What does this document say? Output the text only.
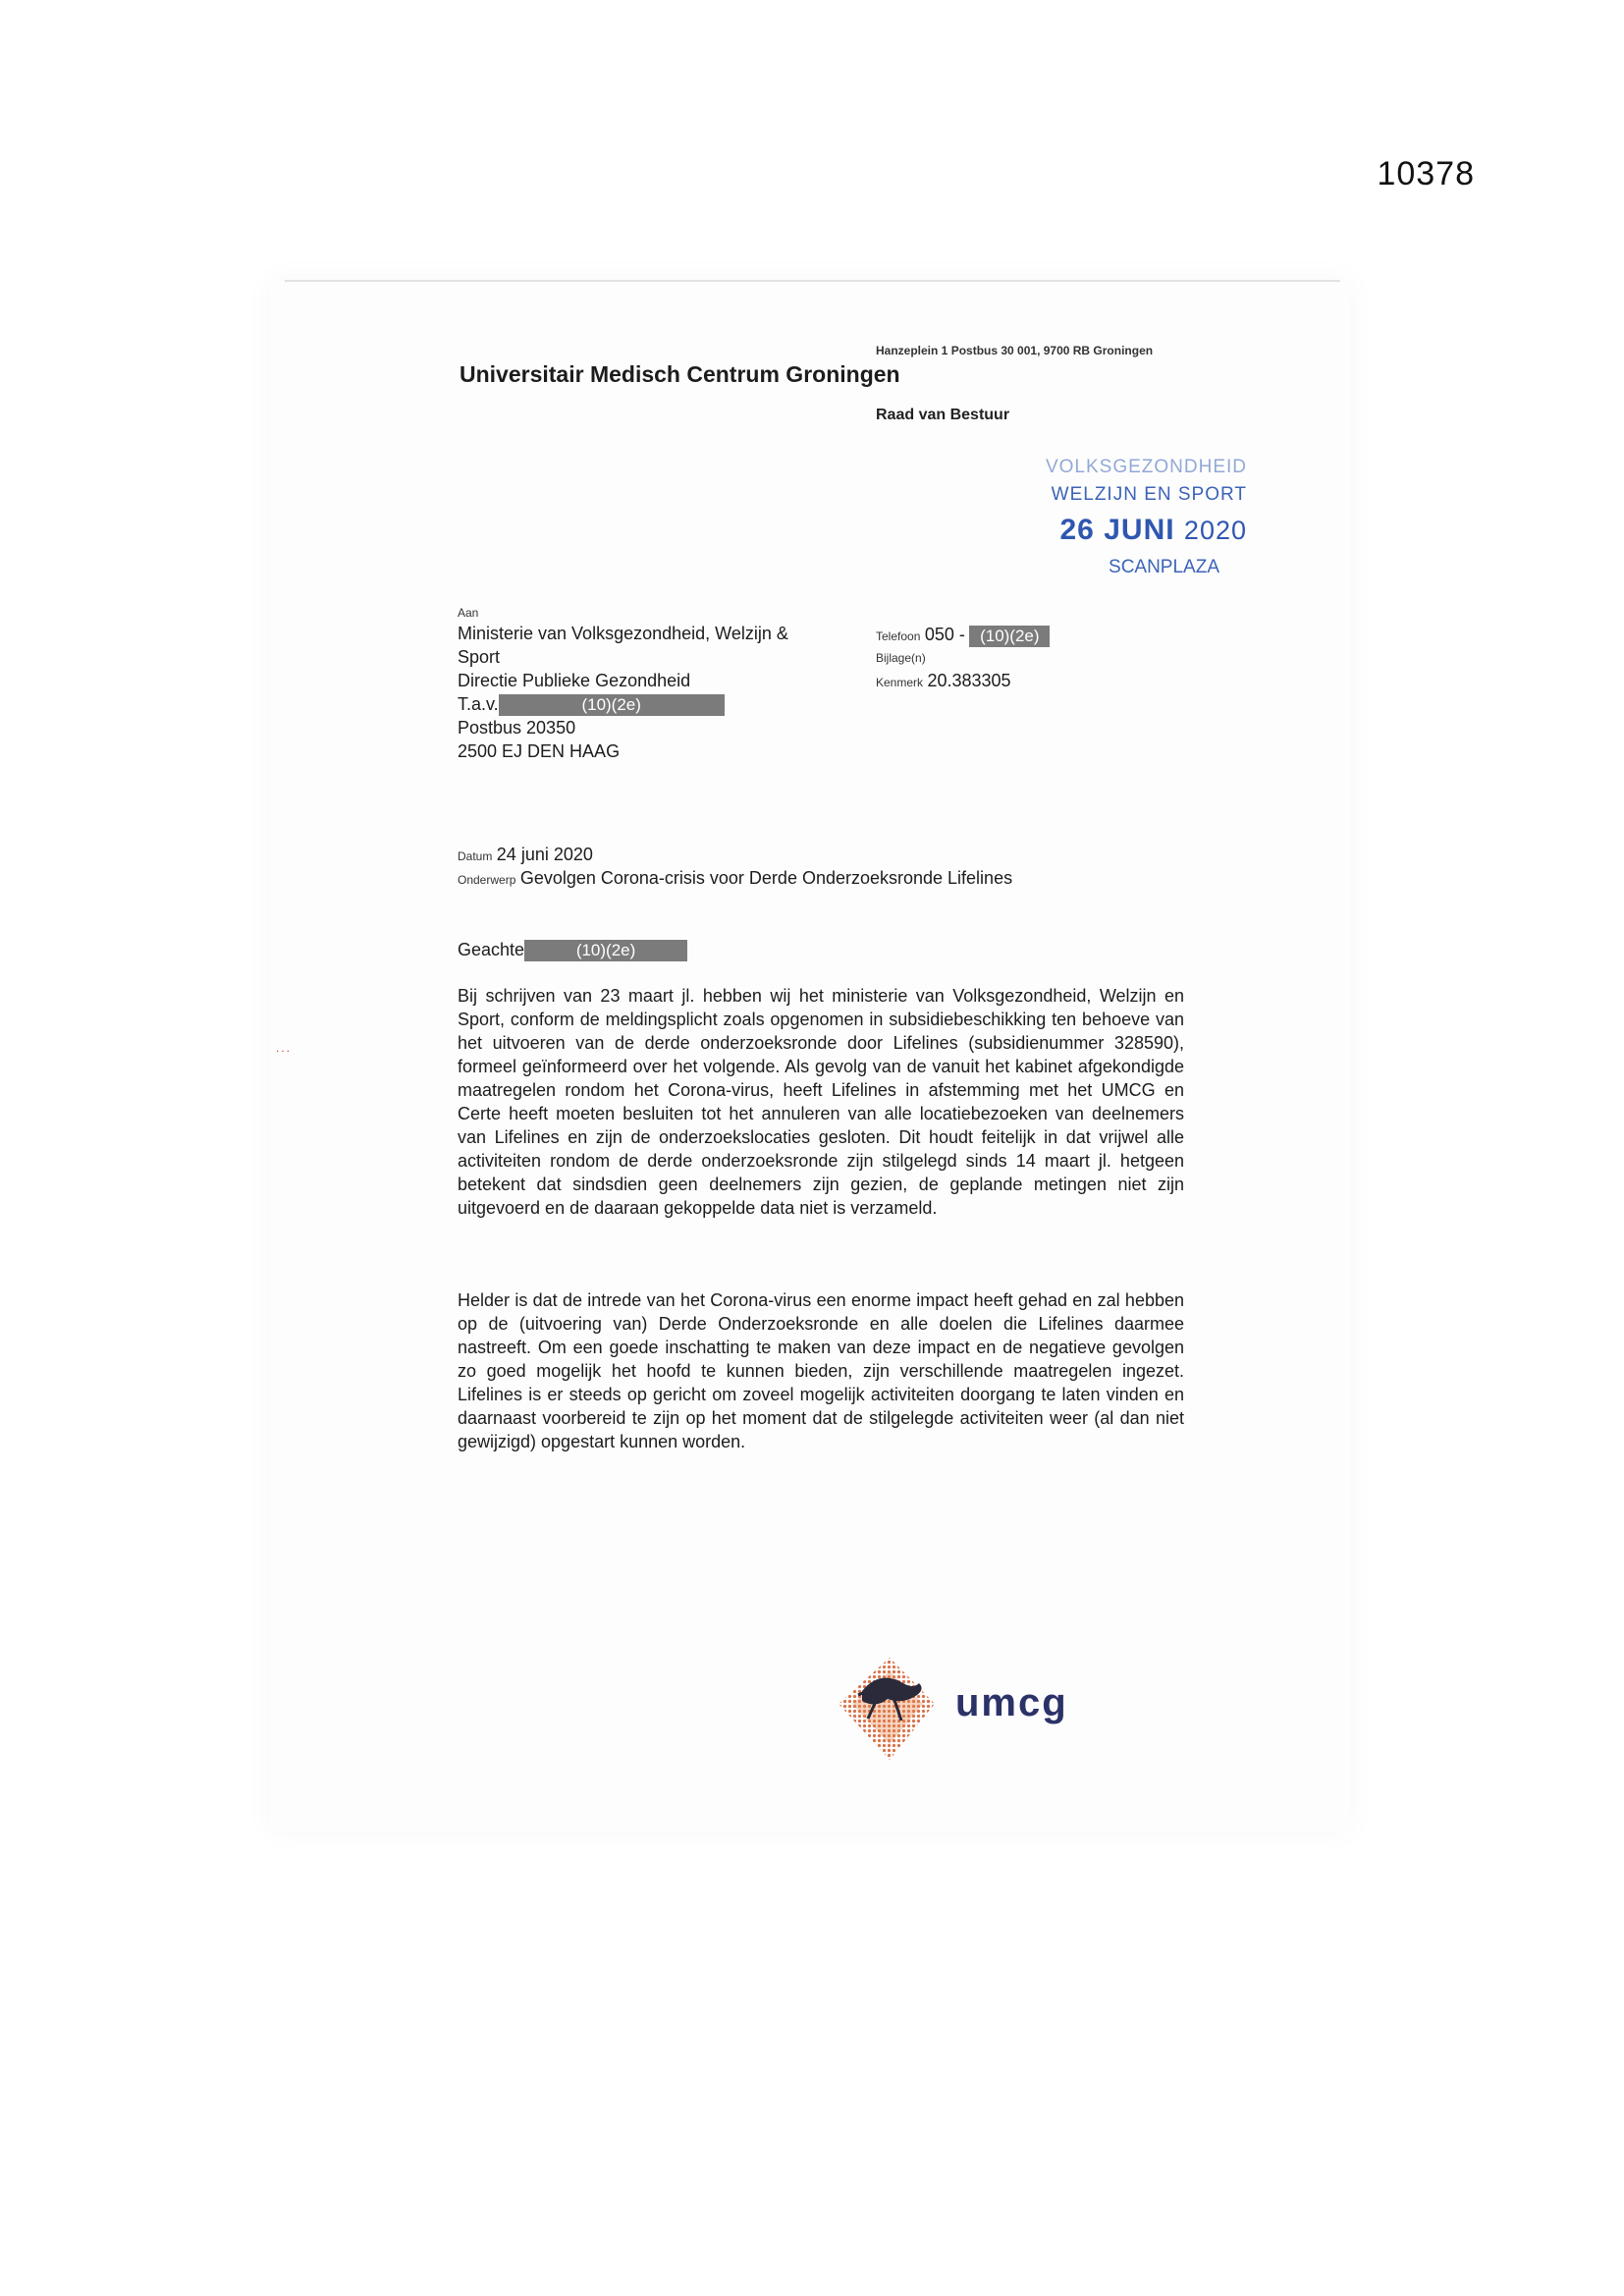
10378
Hanzeplein 1 Postbus 30 001, 9700 RB Groningen
Universitair Medisch Centrum Groningen
Raad van Bestuur
VOLKSGEZONDHEID
WELZIJN EN SPORT
26 JUNI 2020
SCANPLAZA
Aan
Ministerie van Volksgezondheid, Welzijn &
Sport
Directie Publieke Gezondheid
T.a.v.	(10)(2e)
Postbus 20350
2500 EJ DEN HAAG
Telefoon 050 - (10)(2e)
Bijlage(n)
Kenmerk 20.383305
Datum 24 juni 2020
Onderwerp Gevolgen Corona-crisis voor Derde Onderzoeksronde Lifelines
Geachte	(10)(2e)
Bij schrijven van 23 maart jl. hebben wij het ministerie van Volksgezondheid, Welzijn en Sport, conform de meldingsplicht zoals opgenomen in subsidiebeschikking ten behoeve van het uitvoeren van de derde onderzoeksronde door Lifelines (subsidienummer 328590), formeel geïnformeerd over het volgende. Als gevolg van de vanuit het kabinet afgekondigde maatregelen rondom het Corona-virus, heeft Lifelines in afstemming met het UMCG en Certe heeft moeten besluiten tot het annuleren van alle locatiebezoeken van deelnemers van Lifelines en zijn de onderzoekslocaties gesloten. Dit houdt feitelijk in dat vrijwel alle activiteiten rondom de derde onderzoeksronde zijn stilgelegd sinds 14 maart jl. hetgeen betekent dat sindsdien geen deelnemers zijn gezien, de geplande metingen niet zijn uitgevoerd en de daaraan gekoppelde data niet is verzameld.
Helder is dat de intrede van het Corona-virus een enorme impact heeft gehad en zal hebben op de (uitvoering van) Derde Onderzoeksronde en alle doelen die Lifelines daarmee nastreeft. Om een goede inschatting te maken van deze impact en de negatieve gevolgen zo goed mogelijk het hoofd te kunnen bieden, zijn verschillende maatregelen ingezet. Lifelines is er steeds op gericht om zoveel mogelijk activiteiten doorgang te laten vinden en daarnaast voorbereid te zijn op het moment dat de stilgelegde activiteiten weer (al dan niet gewijzigd) opgestart kunnen worden.
...
umcg
